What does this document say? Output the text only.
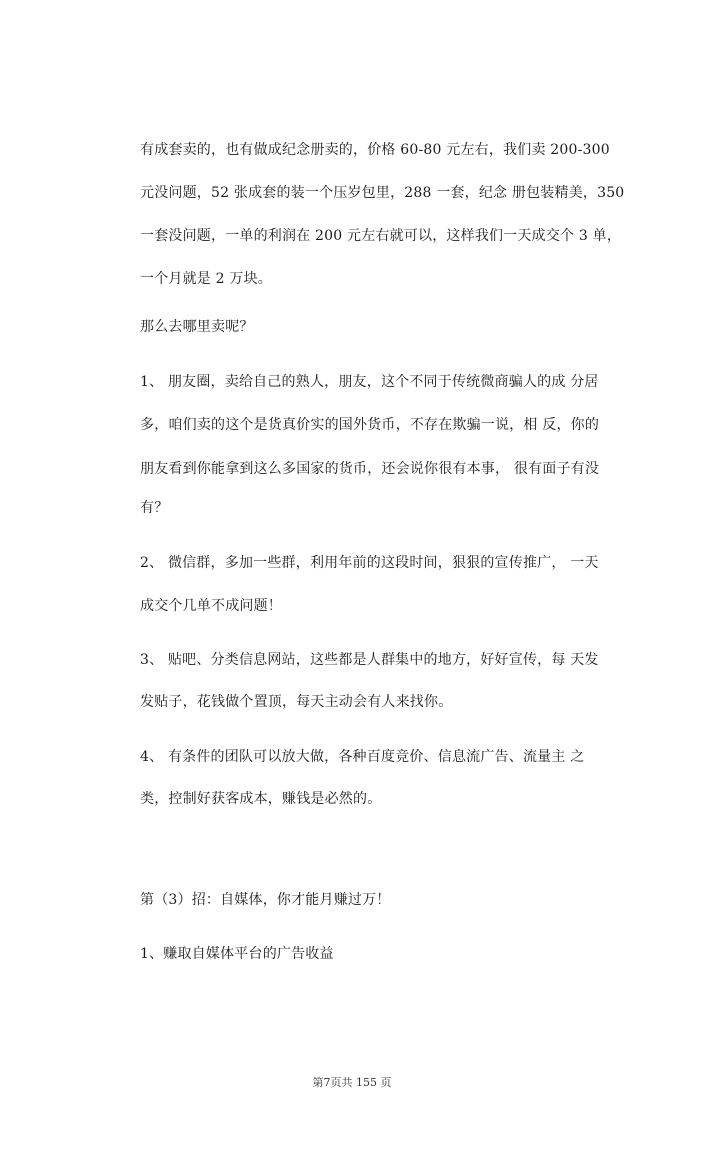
有成套卖的，也有做成纪念册卖的，价格 60-80 元左右，我们卖 200-300
元没问题，52 张成套的装一个压岁包里，288 一套，纪念 册包装精美，350
一套没问题，一单的利润在 200 元左右就可以，这样我们一天成交个 3 单，
一个月就是 2 万块。
那么去哪里卖呢？
1、 朋友圈，卖给自己的熟人，朋友，这个不同于传统微商骗人的成 分居
多，咱们卖的这个是货真价实的国外货币，不存在欺骗一说，相 反，你的
朋友看到你能拿到这么多国家的货币，还会说你很有本事， 很有面子有没
有？
2、 微信群，多加一些群，利用年前的这段时间，狠狠的宣传推广， 一天
成交个几单不成问题！
3、 贴吧、分类信息网站，这些都是人群集中的地方，好好宣传，每 天发
发贴子，花钱做个置顶，每天主动会有人来找你。
4、 有条件的团队可以放大做，各种百度竞价、信息流广告、流量主 之
类，控制好获客成本，赚钱是必然的。
第（3）招：自媒体，你才能月赚过万！
1、赚取自媒体平台的广告收益
第7页共 155 页
